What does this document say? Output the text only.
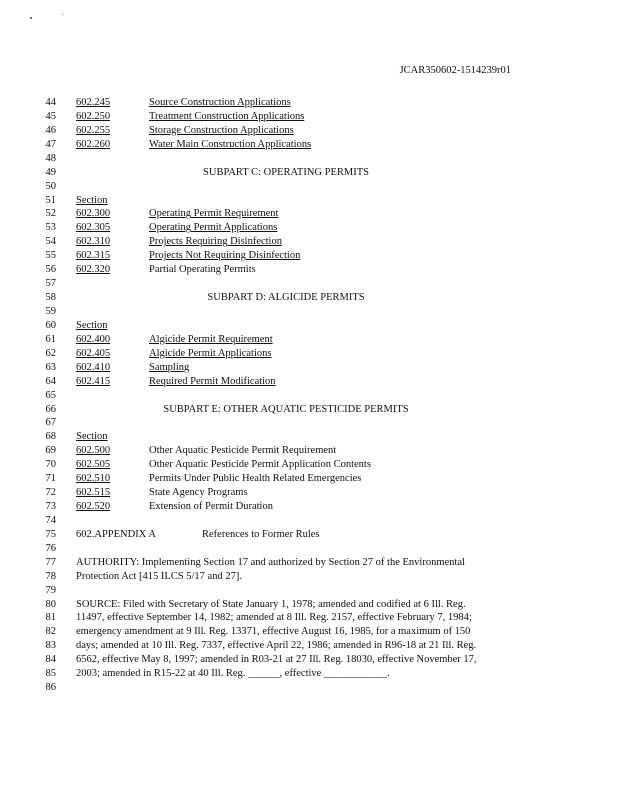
JCAR350602-1514239r01
44 602.245	Source Construction Applications
45 602.250	Treatment Construction Applications
46 602.255	Storage Construction Applications
47 602.260	Water Main Construction Applications
48
49	SUBPART C: OPERATING PERMITS
50
51 Section
52 602.300	Operating Permit Requirement
53 602.305	Operating Permit Applications
54 602.310	Projects Requiring Disinfection
55 602.315	Projects Not Requiring Disinfection
56 602.320	Partial Operating Permits
57
58	SUBPART D: ALGICIDE PERMITS
59
60 Section
61 602.400	Algicide Permit Requirement
62 602.405	Algicide Permit Applications
63 602.410	Sampling
64 602.415	Required Permit Modification
65
66	SUBPART E: OTHER AQUATIC PESTICIDE PERMITS
67
68 Section
69 602.500	Other Aquatic Pesticide Permit Requirement
70 602.505	Other Aquatic Pesticide Permit Application Contents
71 602.510	Permits Under Public Health Related Emergencies
72 602.515	State Agency Programs
73 602.520	Extension of Permit Duration
74
75 602.APPENDIX A	References to Former Rules
76
77 AUTHORITY: Implementing Section 17 and authorized by Section 27 of the Environmental
78 Protection Act [415 ILCS 5/17 and 27].
79
80 SOURCE: Filed with Secretary of State January 1, 1978; amended and codified at 6 Ill. Reg.
81 11497, effective September 14, 1982; amended at 8 Ill. Reg. 2157, effective February 7, 1984;
82 emergency amendment at 9 Ill. Reg. 13371, effective August 16, 1985, for a maximum of 150
83 days; amended at 10 Ill. Reg. 7337, effective April 22, 1986; amended in R96-18 at 21 Ill. Reg.
84 6562, effective May 8, 1997; amended in R03-21 at 27 Ill. Reg. 18030, effective November 17,
85 2003; amended in R15-22 at 40 Ill. Reg. ______, effective ____________.
86
